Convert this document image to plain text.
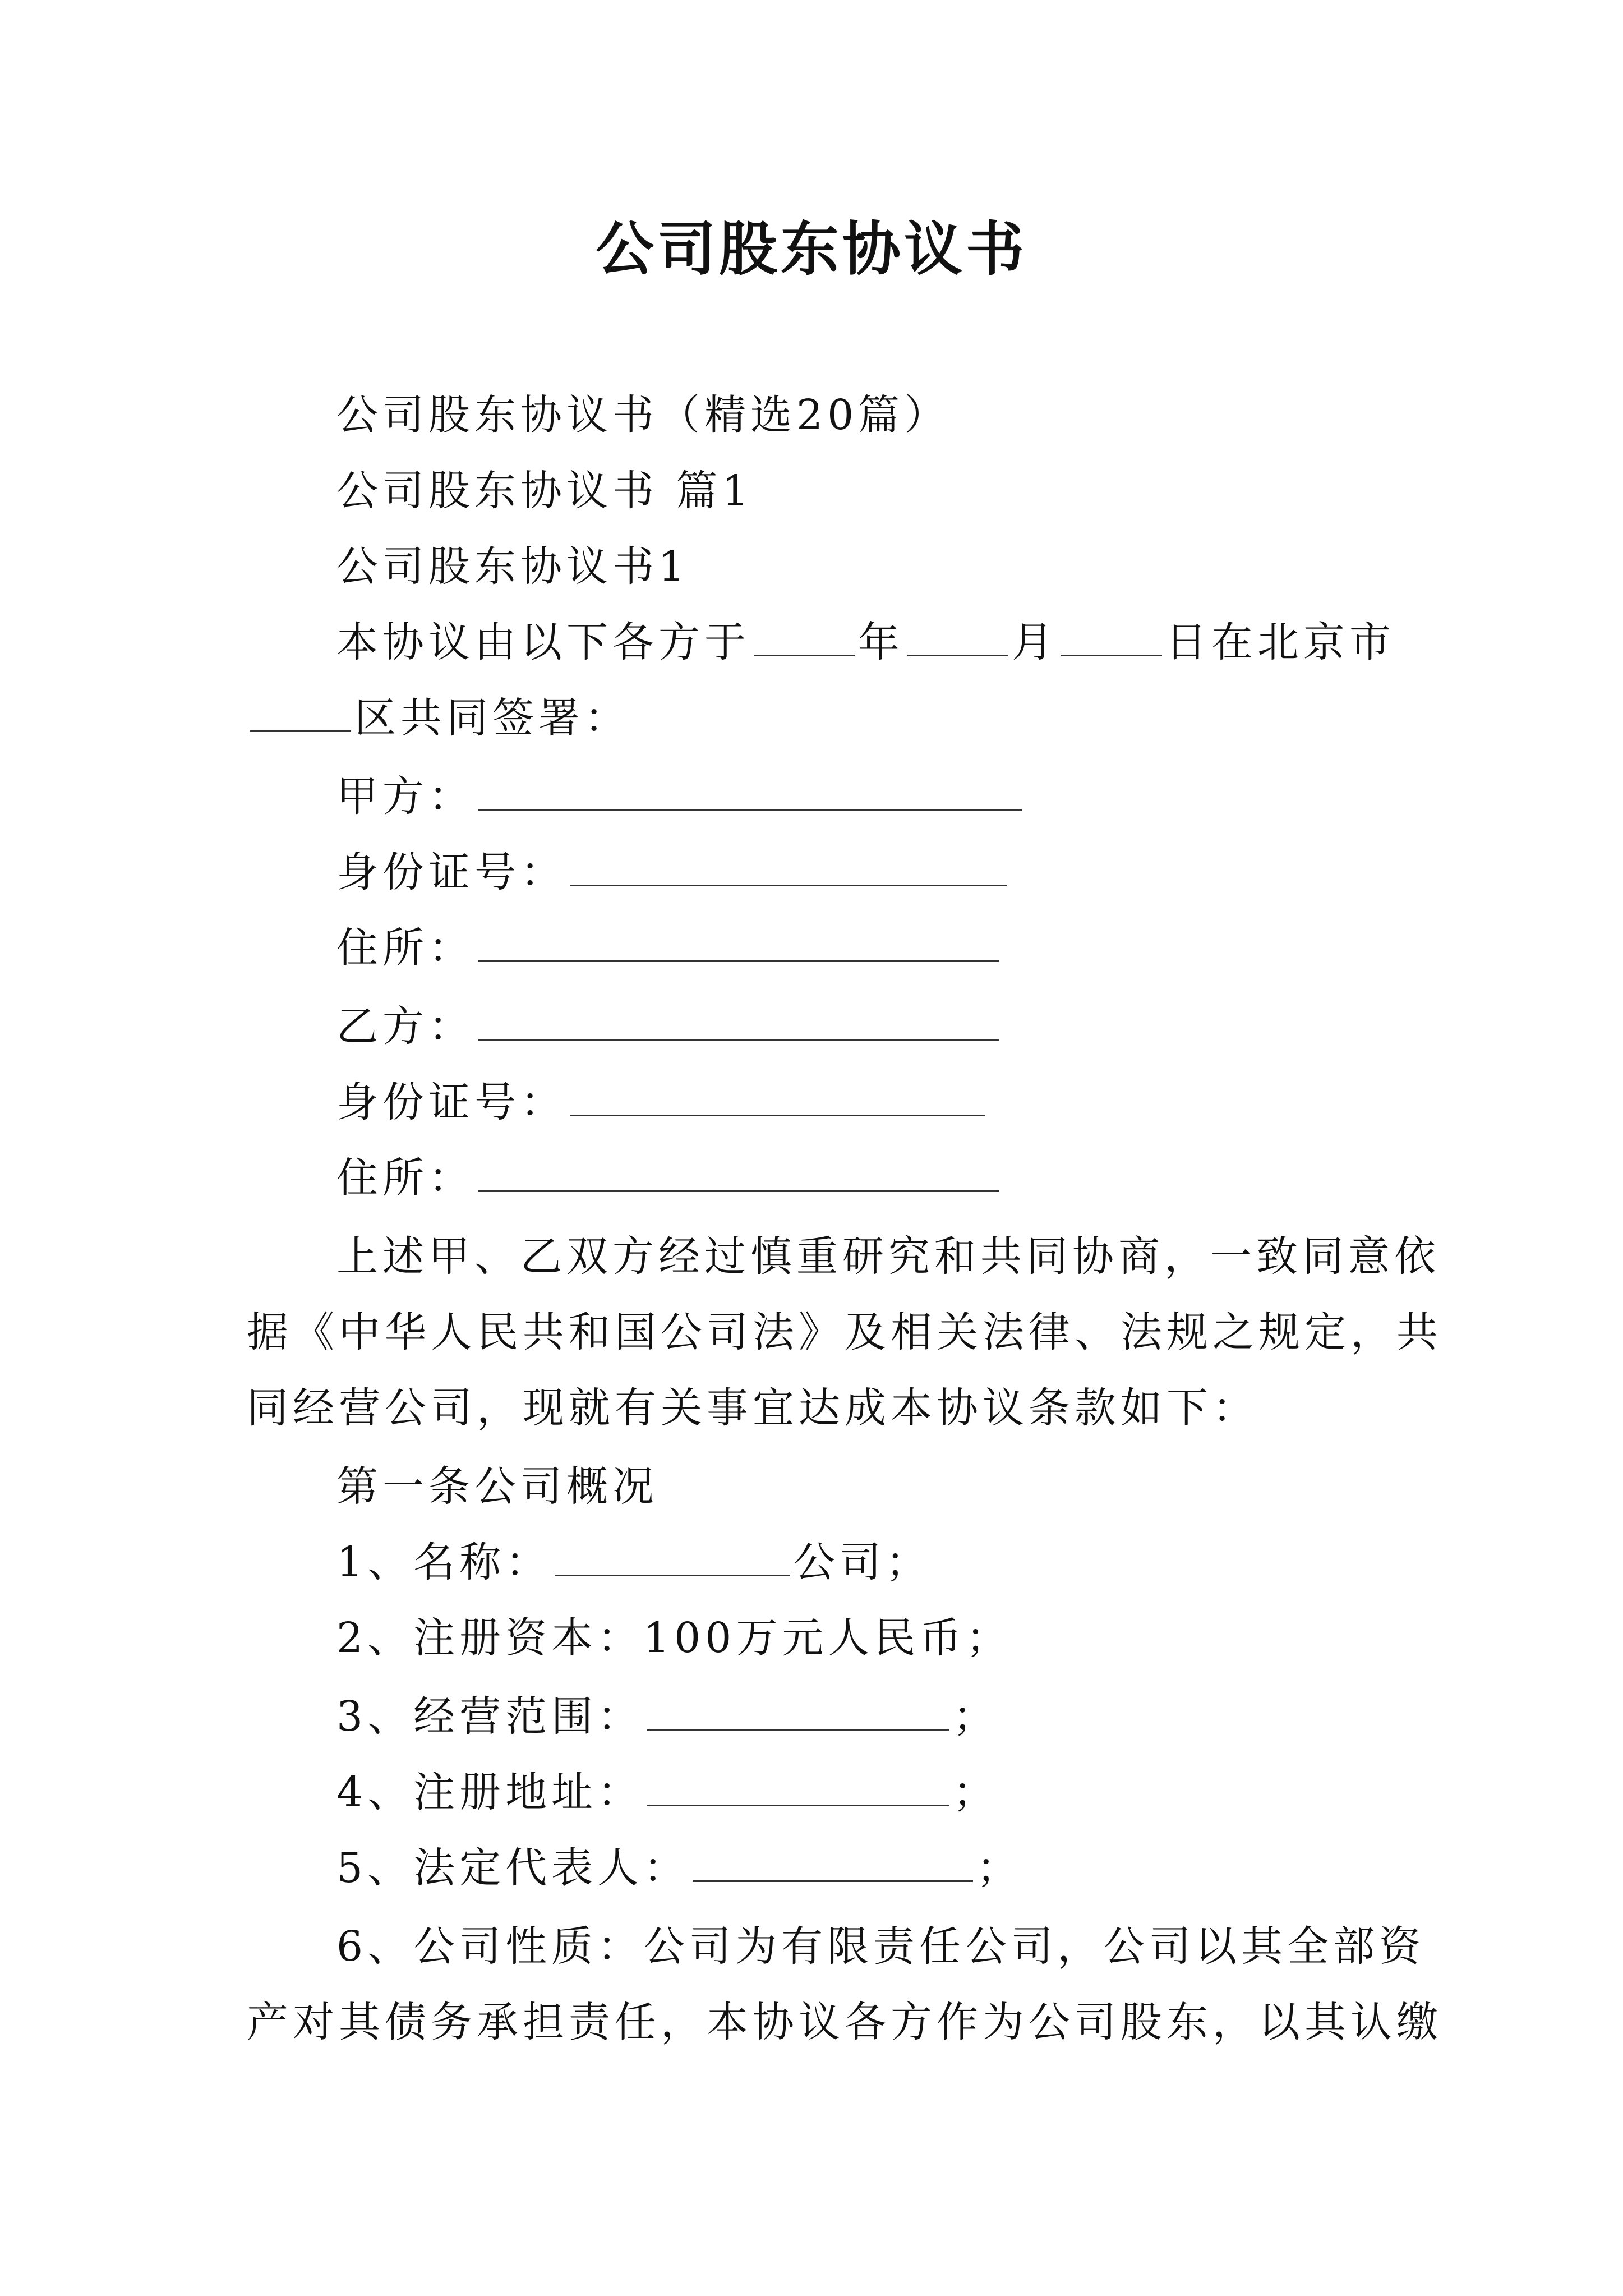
公司股东协议书
公司股东协议书（精选20篇）
公司股东协议书 篇1
公司股东协议书1
本协议由以下各方于	年	月	日在北京市
区共同签署：
甲方：
身份证号：
住所：
乙方：
身份证号：
住所：
上述甲、乙双方经过慎重研究和共同协商，一致同意依
据《中华人民共和国公司法》及相关法律、法规之规定，共
同经营公司，现就有关事宜达成本协议条款如下：
第一条公司概况
1、名称：	公司；
2、注册资本：100万元人民币；
3、经营范围：	；
4、注册地址：	；
5、法定代表人：	；
6、公司性质：公司为有限责任公司，公司以其全部资
产对其债务承担责任，本协议各方作为公司股东，以其认缴
